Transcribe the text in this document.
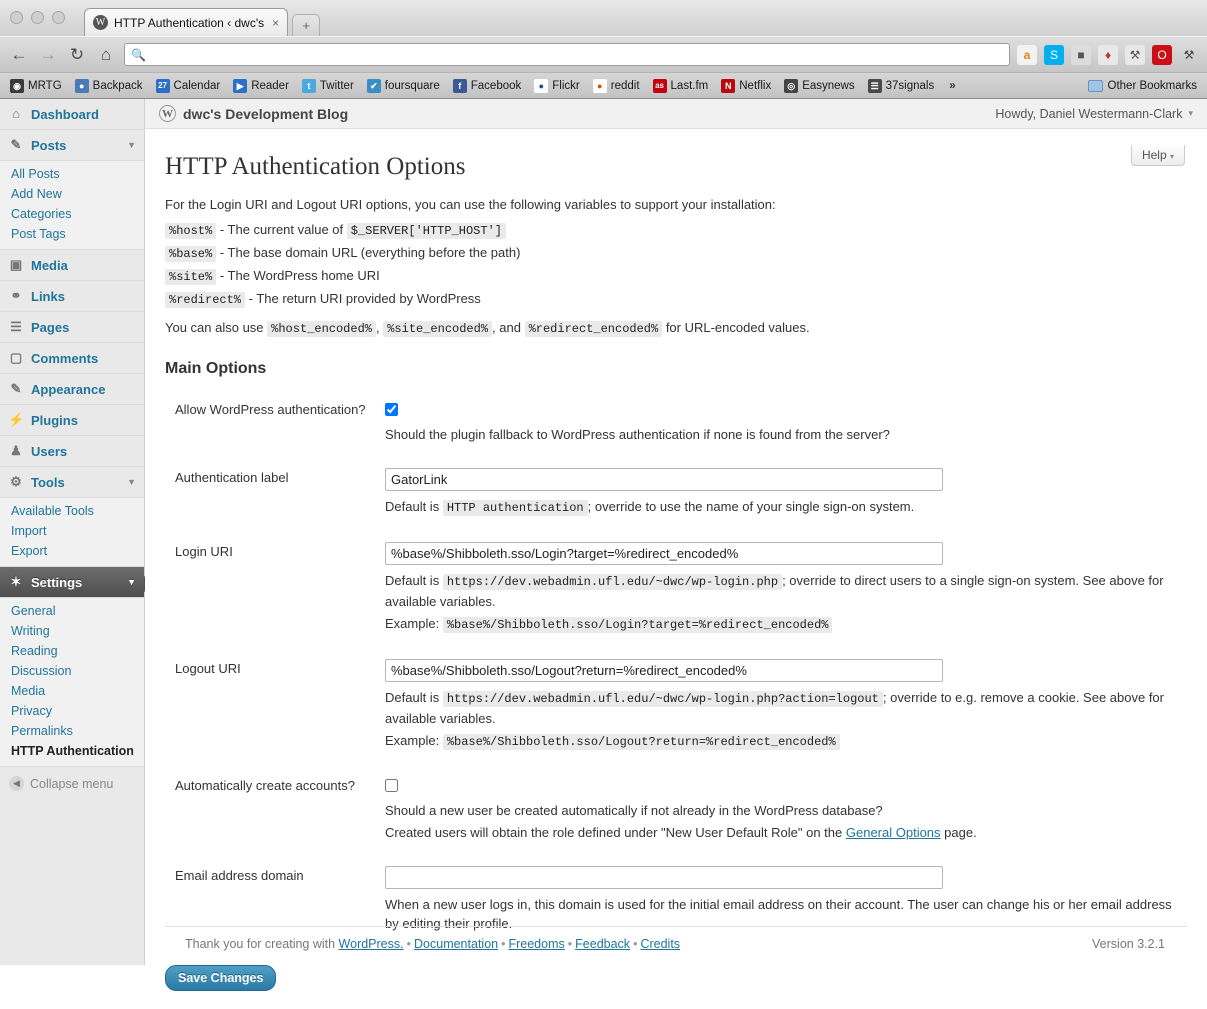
W HTTP Authentication ‹ dwc's ×	+
← → ↻ ⌂	🔍	a	S	■	♦	⚒	O	⚒
◉ MRTG	● Backpack	27 Calendar	▶ Reader	t Twitter	✔ foursquare	f Facebook	● Flickr	● reddit	as Last.fm	N Netflix	◎ Easynews	☰ 37signals »	Other Bookmarks
⌂ Dashboard
✎ Posts	▼
All Posts
Add New
Categories
Post Tags
▣ Media
⚭ Links
☰ Pages
▢ Comments
✎ Appearance
⚡ Plugins
♟ Users
⚙ Tools	▼
Available Tools
Import
Export
✶ Settings	▼
General
Writing
Reading
Discussion
Media
Privacy
Permalinks
HTTP Authentication
◀ Collapse menu
W dwc's Development Blog	Howdy, Daniel Westermann-Clark ▾
Help ▾
HTTP Authentication Options

For the Login URI and Logout URI options, you can use the following variables to support your installation:

%host% - The current value of $_SERVER['HTTP_HOST']
%base% - The base domain URL (everything before the path)
%site% - The WordPress home URI
%redirect% - The return URI provided by WordPress

You can also use %host_encoded% , %site_encoded% , and %redirect_encoded% for URL-encoded values.

Main Options
Allow WordPress authentication?	Should the plugin fallback to WordPress authentication if none is found from the server?

Authentication label	GatorLink
Default is HTTP authentication ; override to use the name of your single sign-on system.

Login URI	%base%/Shibboleth.sso/Login?target=%redirect_encoded%
Default is https://dev.webadmin.ufl.edu/~dwc/wp-login.php ; override to direct users to a single sign-on system. See above for available variables.
Example: %base%/Shibboleth.sso/Login?target=%redirect_encoded%

Logout URI	%base%/Shibboleth.sso/Logout?return=%redirect_encoded%
Default is https://dev.webadmin.ufl.edu/~dwc/wp-login.php?action=logout ; override to e.g. remove a cookie. See above for available variables.
Example: %base%/Shibboleth.sso/Logout?return=%redirect_encoded%

Automatically create accounts?	Should a new user be created automatically if not already in the WordPress database?
Created users will obtain the role defined under "New User Default Role" on the General Options page.

Email address domain	When a new user logs in, this domain is used for the initial email address on their account. The user can change his or her email address by editing their profile.
Save Changes
Thank you for creating with WordPress. • Documentation • Freedoms • Feedback • Credits	Version 3.2.1
